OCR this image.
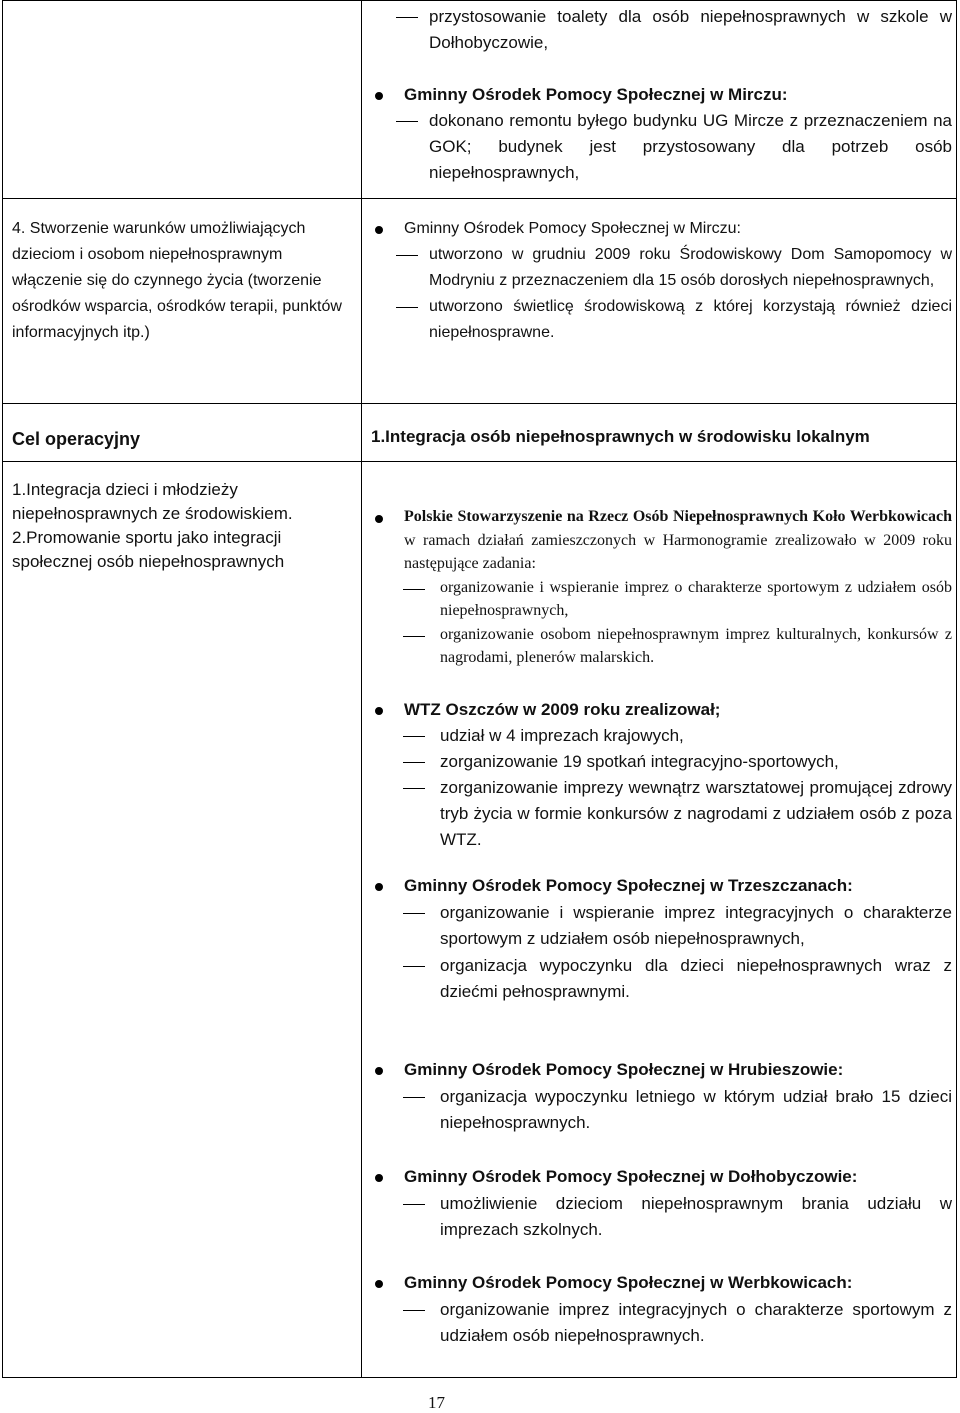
przystosowanie toalety dla osób niepełnosprawnych w szkole w Dołhobyczowie,
Gminny Ośrodek Pomocy Społecznej w Mirczu:
dokonano remontu byłego budynku UG Mircze z przeznaczeniem na GOK; budynek jest przystosowany dla potrzeb osób niepełnosprawnych,
4. Stworzenie warunków umożliwiających dzieciom i osobom niepełnosprawnym włączenie się do czynnego życia (tworzenie ośrodków wsparcia, ośrodków terapii, punktów informacyjnych itp.)
Gminny Ośrodek Pomocy Społecznej w Mirczu:
utworzono w grudniu 2009 roku Środowiskowy Dom Samopomocy w Modryniu z przeznaczeniem dla 15 osób dorosłych niepełnosprawnych,
utworzono świetlicę środowiskową z której korzystają również dzieci niepełnosprawne.
Cel operacyjny	1.Integracja osób niepełnosprawnych w środowisku lokalnym
1.Integracja dzieci i młodzieży niepełnosprawnych ze środowiskiem.
2.Promowanie sportu jako integracji społecznej osób niepełnosprawnych
Polskie Stowarzyszenie na Rzecz Osób Niepełnosprawnych Koło Werbkowicach w ramach działań zamieszczonych w Harmonogramie zrealizowało w 2009 roku następujące zadania:
organizowanie i wspieranie imprez o charakterze sportowym z udziałem osób niepełnosprawnych,
organizowanie osobom niepełnosprawnym imprez kulturalnych, konkursów z nagrodami, plenerów malarskich.
WTZ Oszczów w 2009 roku zrealizował;
udział w 4 imprezach krajowych,
zorganizowanie 19 spotkań integracyjno-sportowych,
zorganizowanie imprezy wewnątrz warsztatowej promującej zdrowy tryb życia w formie konkursów z nagrodami z udziałem osób z poza WTZ.
Gminny Ośrodek Pomocy Społecznej w Trzeszczanach:
organizowanie i wspieranie imprez integracyjnych o charakterze sportowym z udziałem osób niepełnosprawnych,
organizacja wypoczynku dla dzieci niepełnosprawnych wraz z dziećmi pełnosprawnymi.
Gminny Ośrodek Pomocy Społecznej w Hrubieszowie:
organizacja wypoczynku letniego w którym udział brało 15 dzieci niepełnosprawnych.
Gminny Ośrodek Pomocy Społecznej w Dołhobyczowie:
umożliwienie dzieciom niepełnosprawnym brania udziału w imprezach szkolnych.
Gminny Ośrodek Pomocy Społecznej w Werbkowicach:
organizowanie imprez integracyjnych o charakterze sportowym z udziałem osób niepełnosprawnych.
17
